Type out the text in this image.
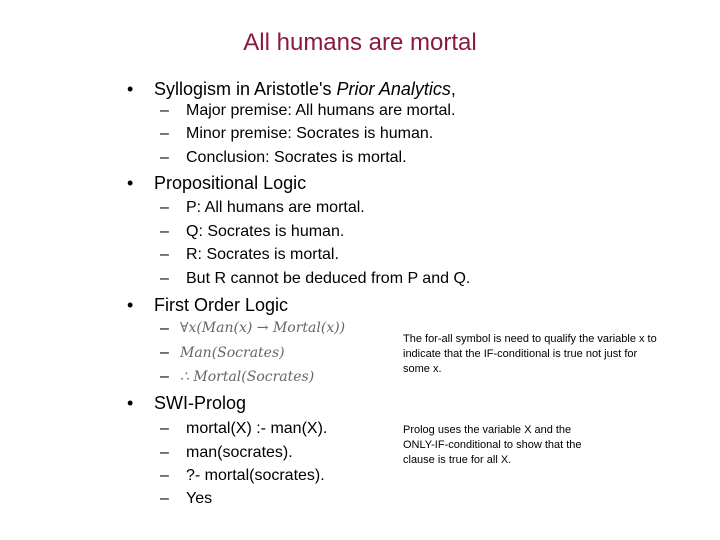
All humans are mortal
• Syllogism in Aristotle's Prior Analytics,
– Major premise: All humans are mortal.
– Minor premise: Socrates is human.
– Conclusion: Socrates is mortal.
• Propositional Logic
– P: All humans are mortal.
– Q: Socrates is human.
– R: Socrates is mortal.
– But R cannot be deduced from P and Q.
• First Order Logic
– ∀x(Man(x) → Mortal(x))
– Man(Socrates)
– ∴ Mortal(Socrates)
The for-all symbol is need to qualify the variable x to indicate that the IF-conditional is true not just for some x.
• SWI-Prolog
– mortal(X) :- man(X).
– man(socrates).
– ?- mortal(socrates).
– Yes
Prolog uses the variable X and the ONLY-IF-conditional to show that the clause is true for all X.
